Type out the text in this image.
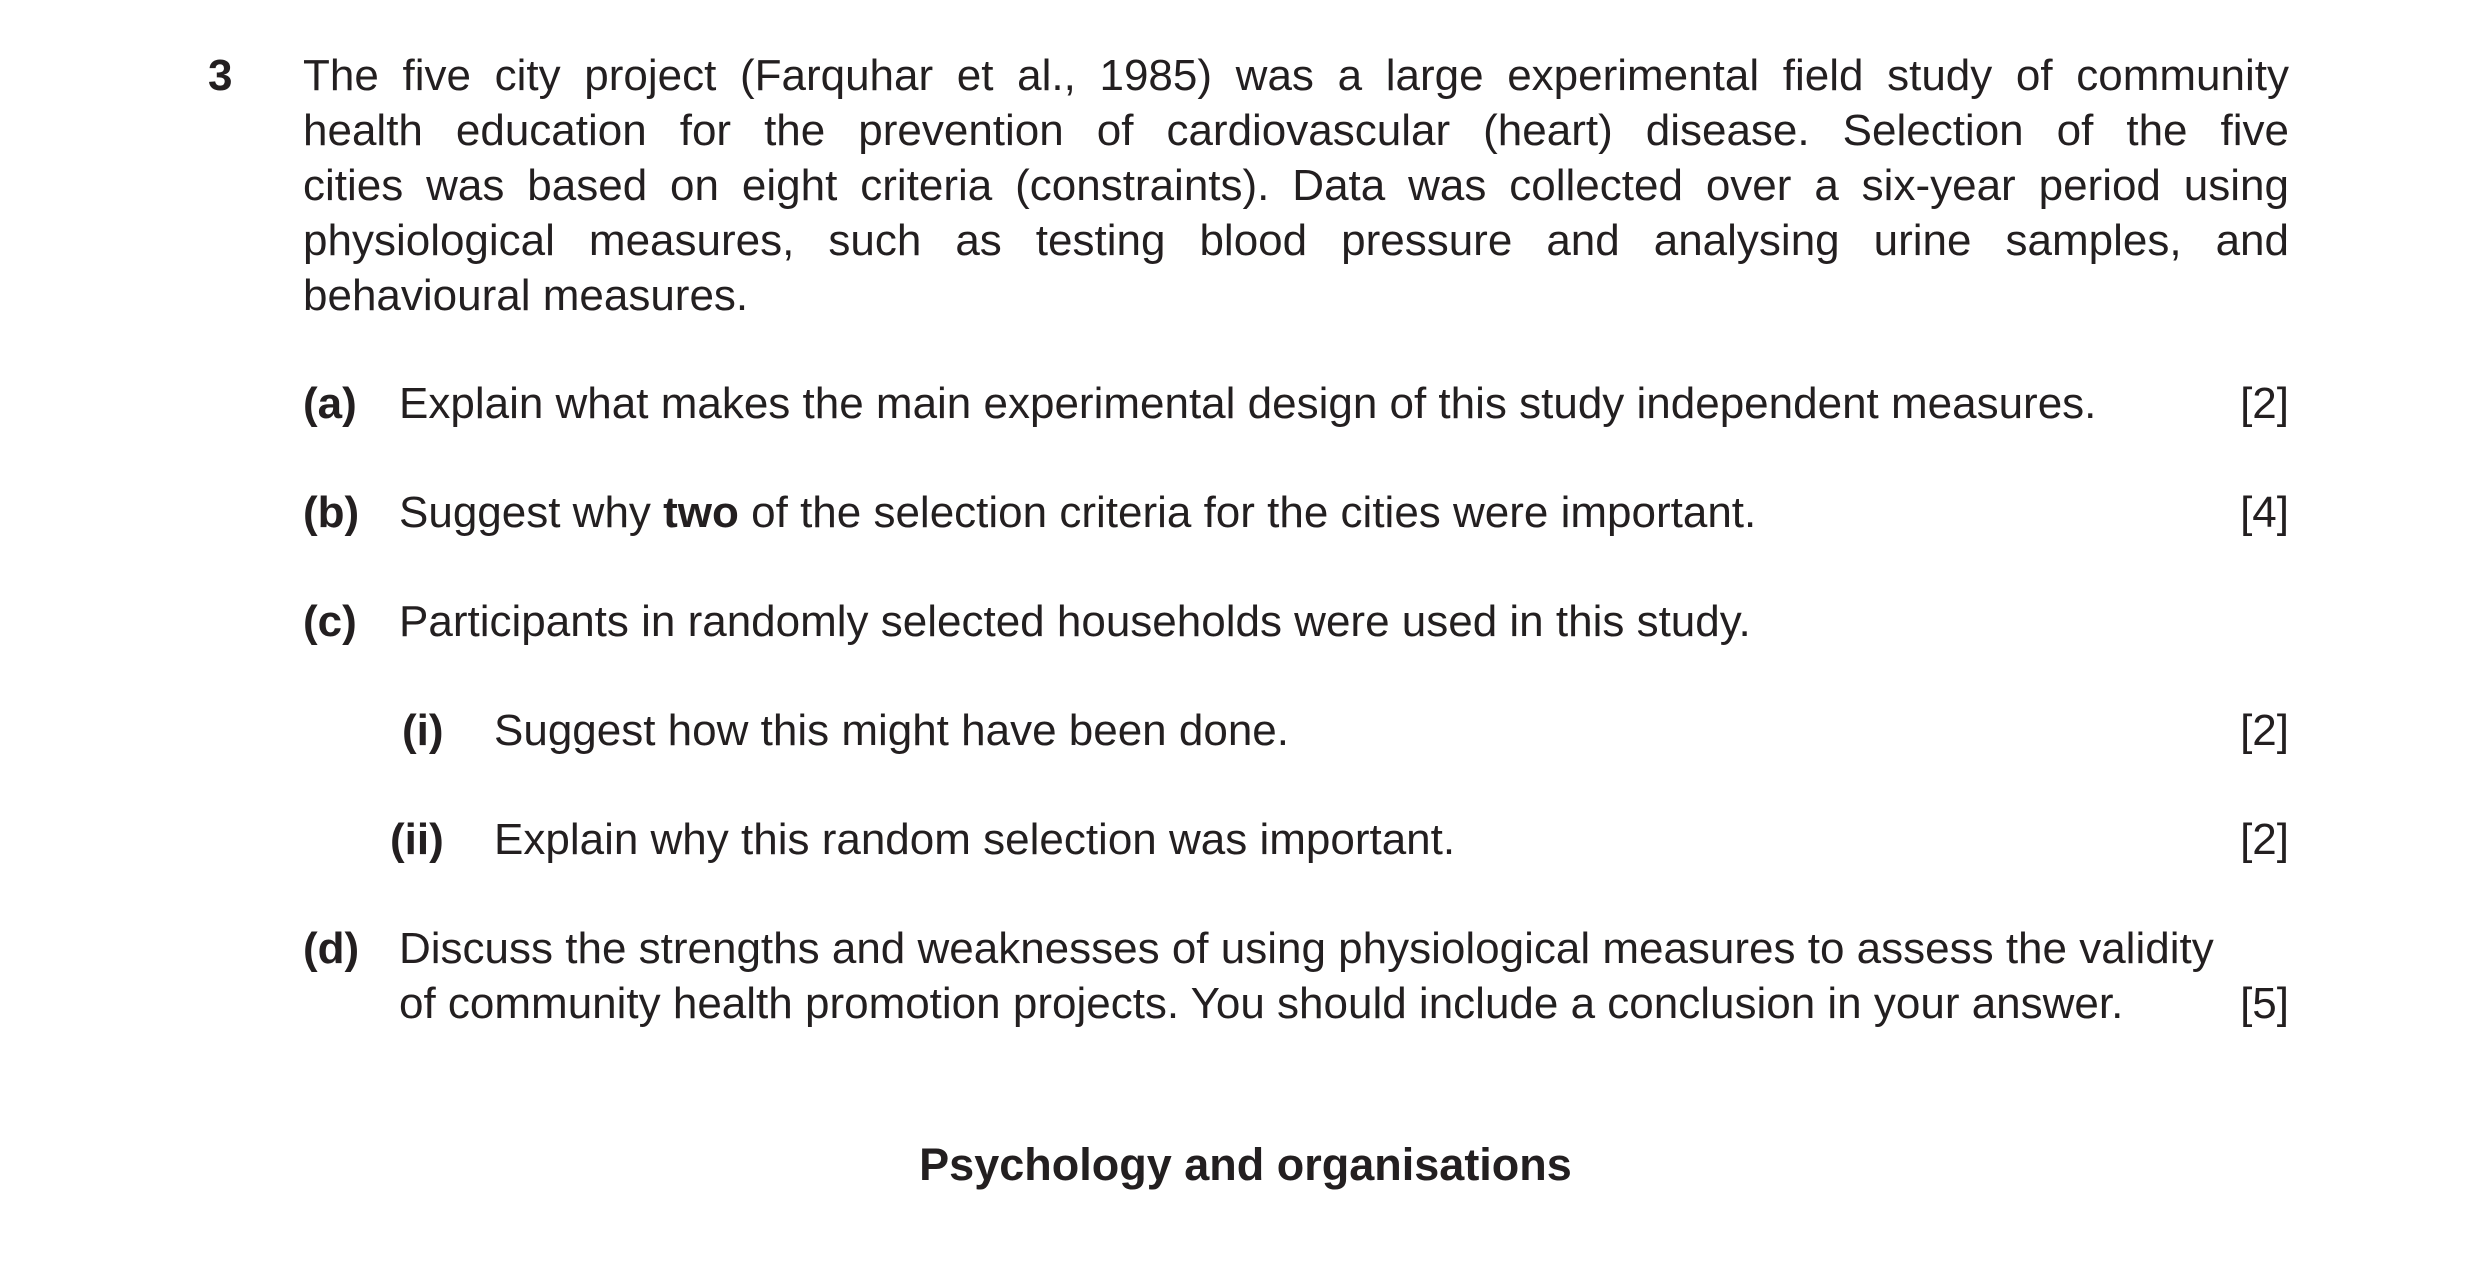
3 The five city project (Farquhar et al., 1985) was a large experimental field study of community
health education for the prevention of cardiovascular (heart) disease. Selection of the five
cities was based on eight criteria (constraints). Data was collected over a six-year period using
physiological measures, such as testing blood pressure and analysing urine samples, and
behavioural measures.
(a) Explain what makes the main experimental design of this study independent measures.	[2]
(b) Suggest why two of the selection criteria for the cities were important.	[4]
(c) Participants in randomly selected households were used in this study.
(i) Suggest how this might have been done.	[2]
(ii) Explain why this random selection was important.	[2]
(d) Discuss the strengths and weaknesses of using physiological measures to assess the validity
of community health promotion projects. You should include a conclusion in your answer.	[5]
Psychology and organisations
